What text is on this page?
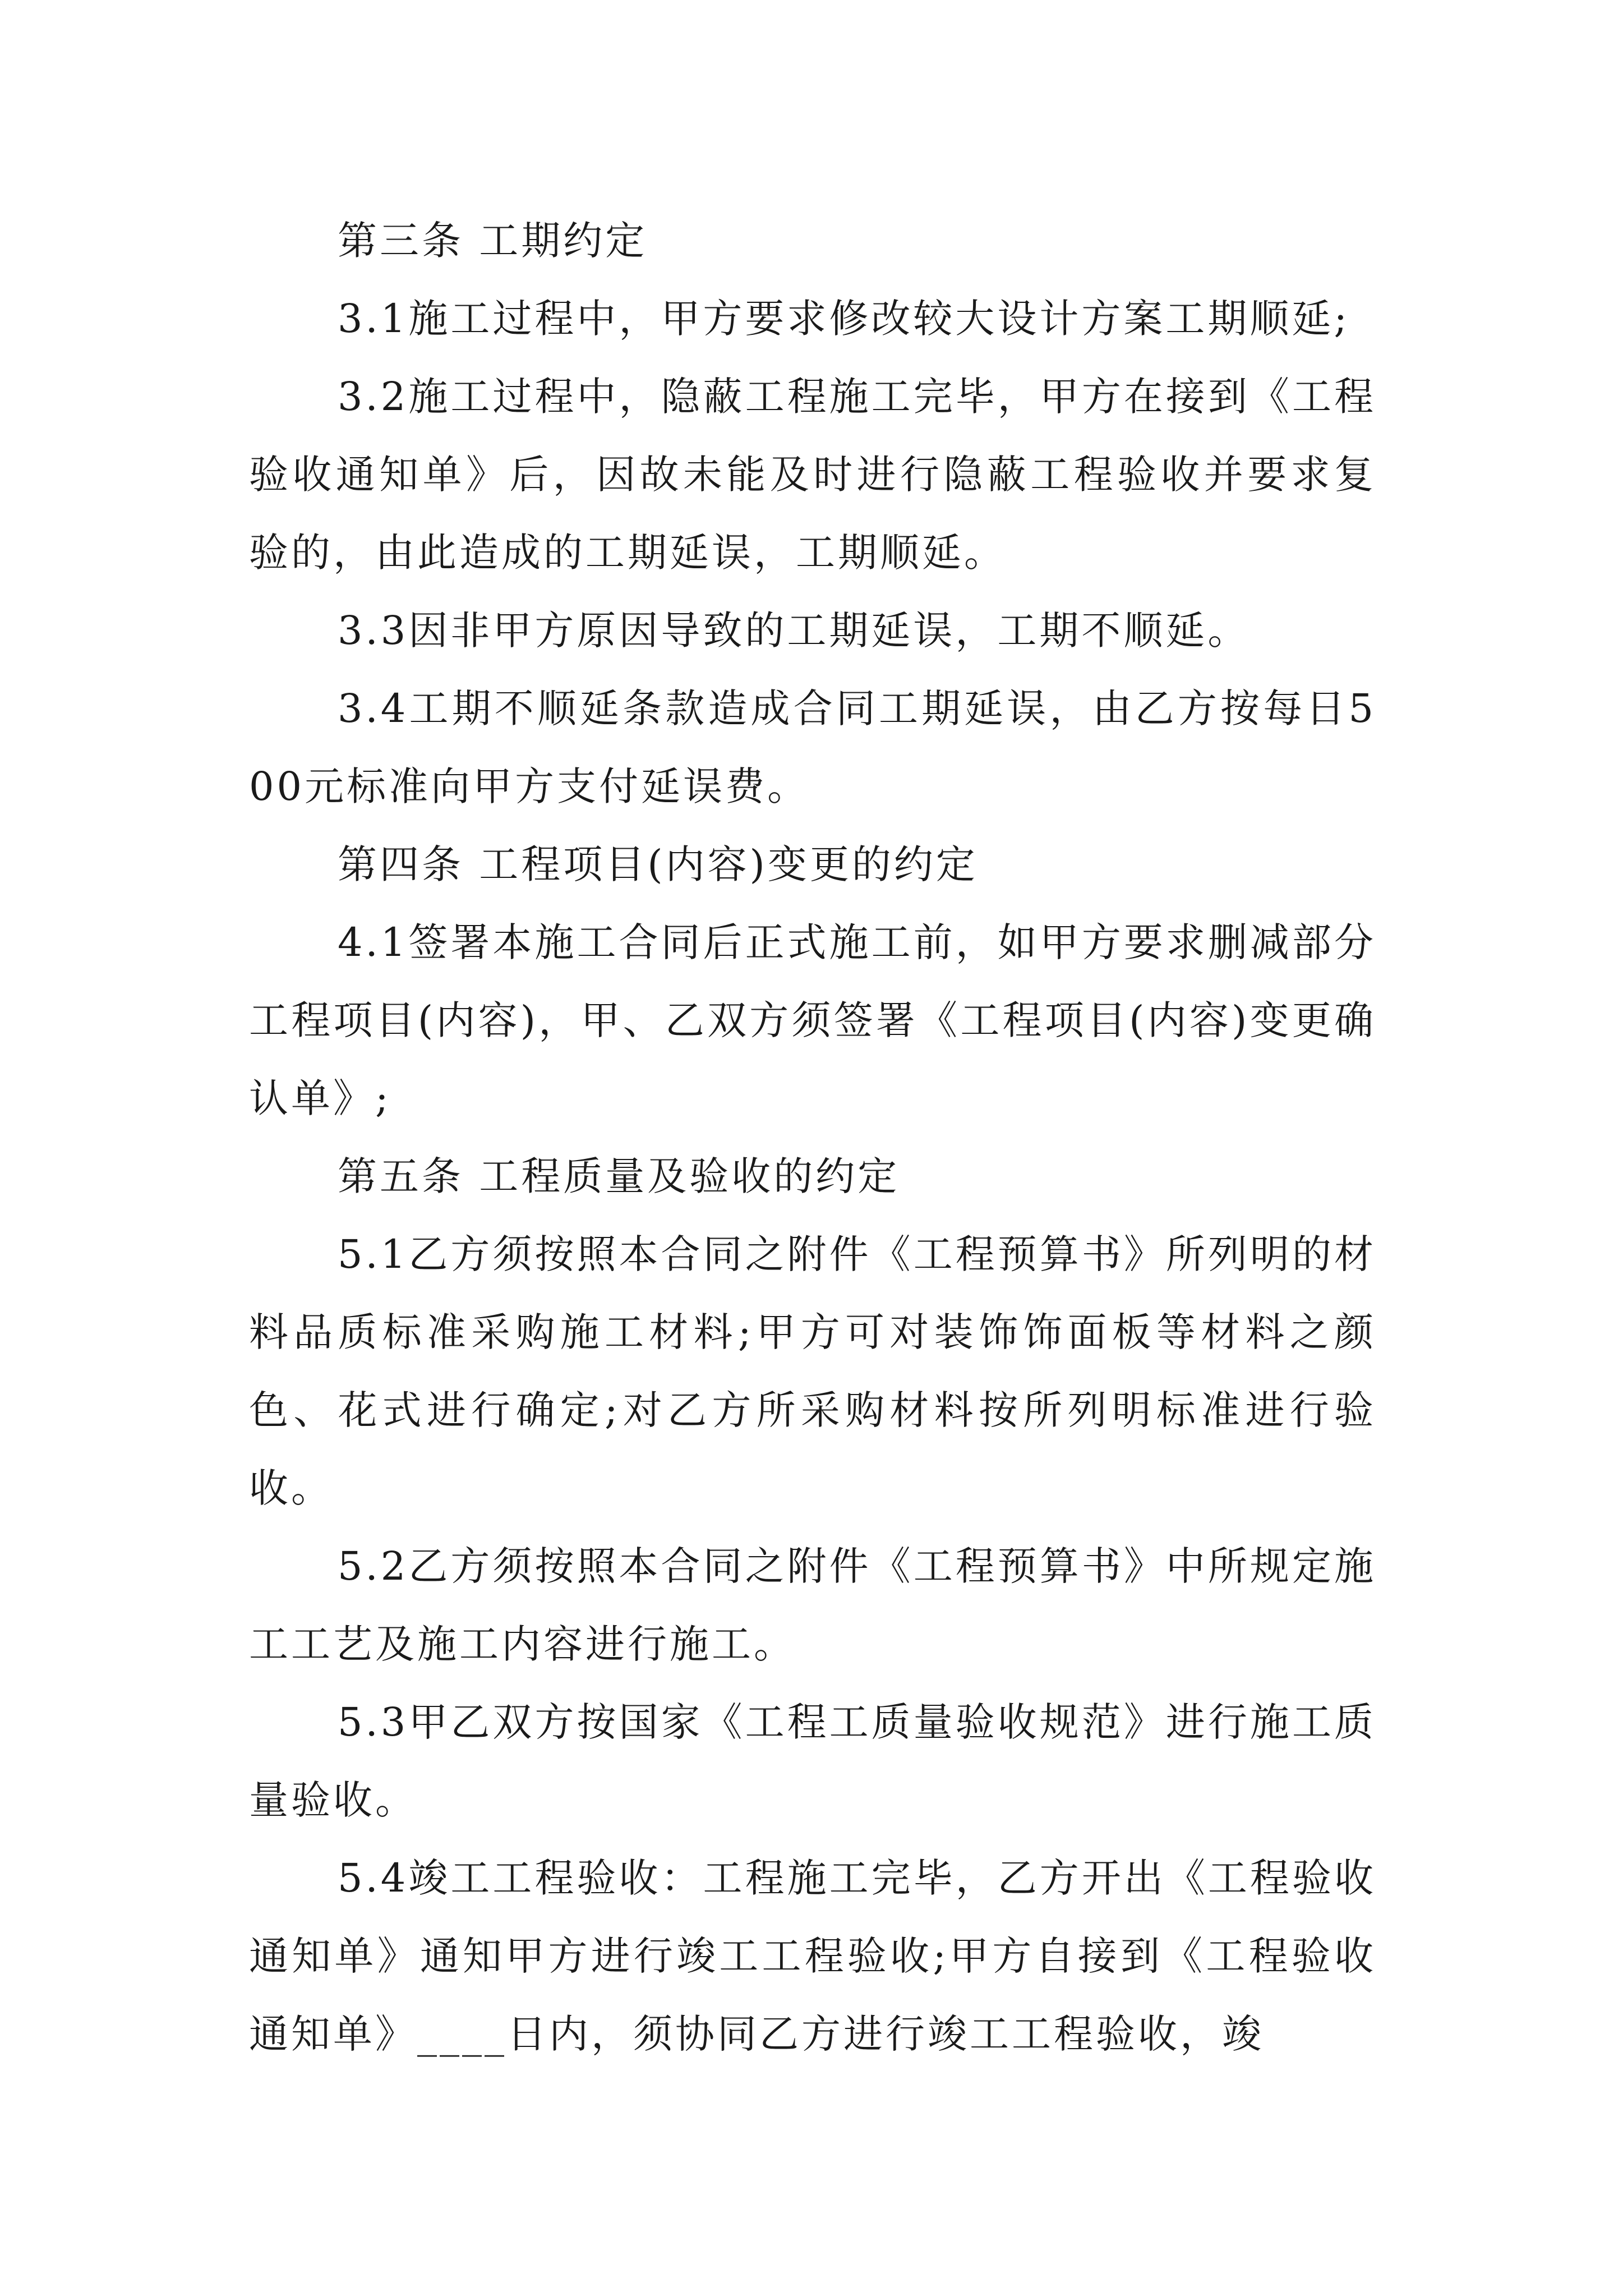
第三条 工期约定

3.1施工过程中，甲方要求修改较大设计方案工期顺延;

3.2施工过程中，隐蔽工程施工完毕，甲方在接到《工程验收通知单》后，因故未能及时进行隐蔽工程验收并要求复验的，由此造成的工期延误，工期顺延。

3.3因非甲方原因导致的工期延误，工期不顺延。

3.4工期不顺延条款造成合同工期延误，由乙方按每日500元标准向甲方支付延误费。

第四条 工程项目(内容)变更的约定

4.1签署本施工合同后正式施工前，如甲方要求删减部分工程项目(内容)，甲、乙双方须签署《工程项目(内容)变更确认单》;

第五条 工程质量及验收的约定

5.1乙方须按照本合同之附件《工程预算书》所列明的材料品质标准采购施工材料;甲方可对装饰饰面板等材料之颜色、花式进行确定;对乙方所采购材料按所列明标准进行验收。

5.2乙方须按照本合同之附件《工程预算书》中所规定施工工艺及施工内容进行施工。

5.3甲乙双方按国家《工程工质量验收规范》进行施工质量验收。

5.4竣工工程验收：工程施工完毕，乙方开出《工程验收通知单》通知甲方进行竣工工程验收;甲方自接到《工程验收通知单》____日内，须协同乙方进行竣工工程验收，竣
